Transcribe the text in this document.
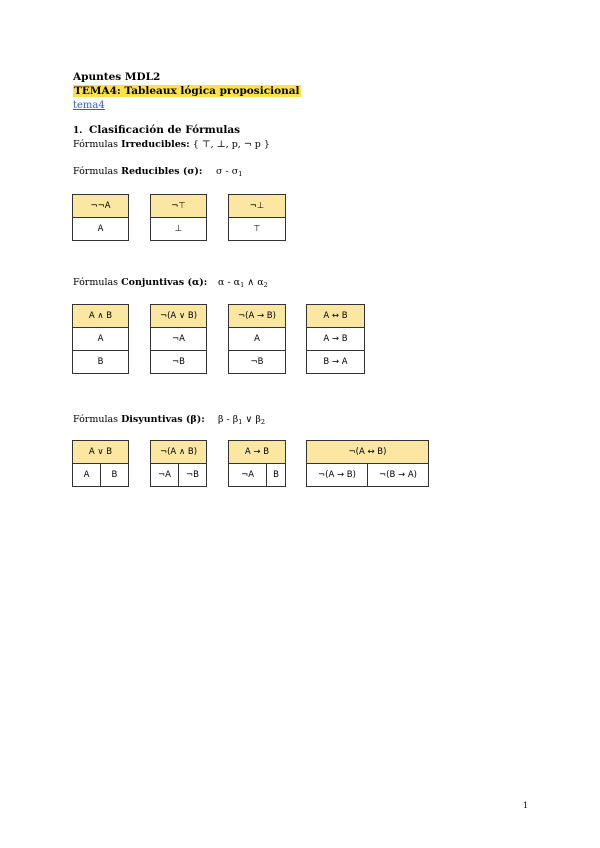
Apuntes MDL2
TEMA4: Tableaux lógica proposicional
tema4
1. Clasificación de Fórmulas
Fórmulas Irreducibles: { ⊤, ⊥, p, ¬ p }
Fórmulas Reducibles (σ): σ - $\sigma_1$
¬¬A
A
¬⊤
⊥
¬⊥
⊤
Fórmulas Conjuntivas (α): α - $\alpha_1$ ∧ $\alpha_2$
A ∧ B
A
B
¬(A ∨ B)
¬A
¬B
¬(A → B)
A
¬B
A ↔ B
A → B
B → A
Fórmulas Disyuntivas (β): β - $\beta_1$ ∨ $\beta_2$
A ∨ B
A	B
¬(A ∧ B)
¬A	¬B
A → B
¬A	B
¬(A ↔ B)
¬(A → B)	¬(B → A)
1
